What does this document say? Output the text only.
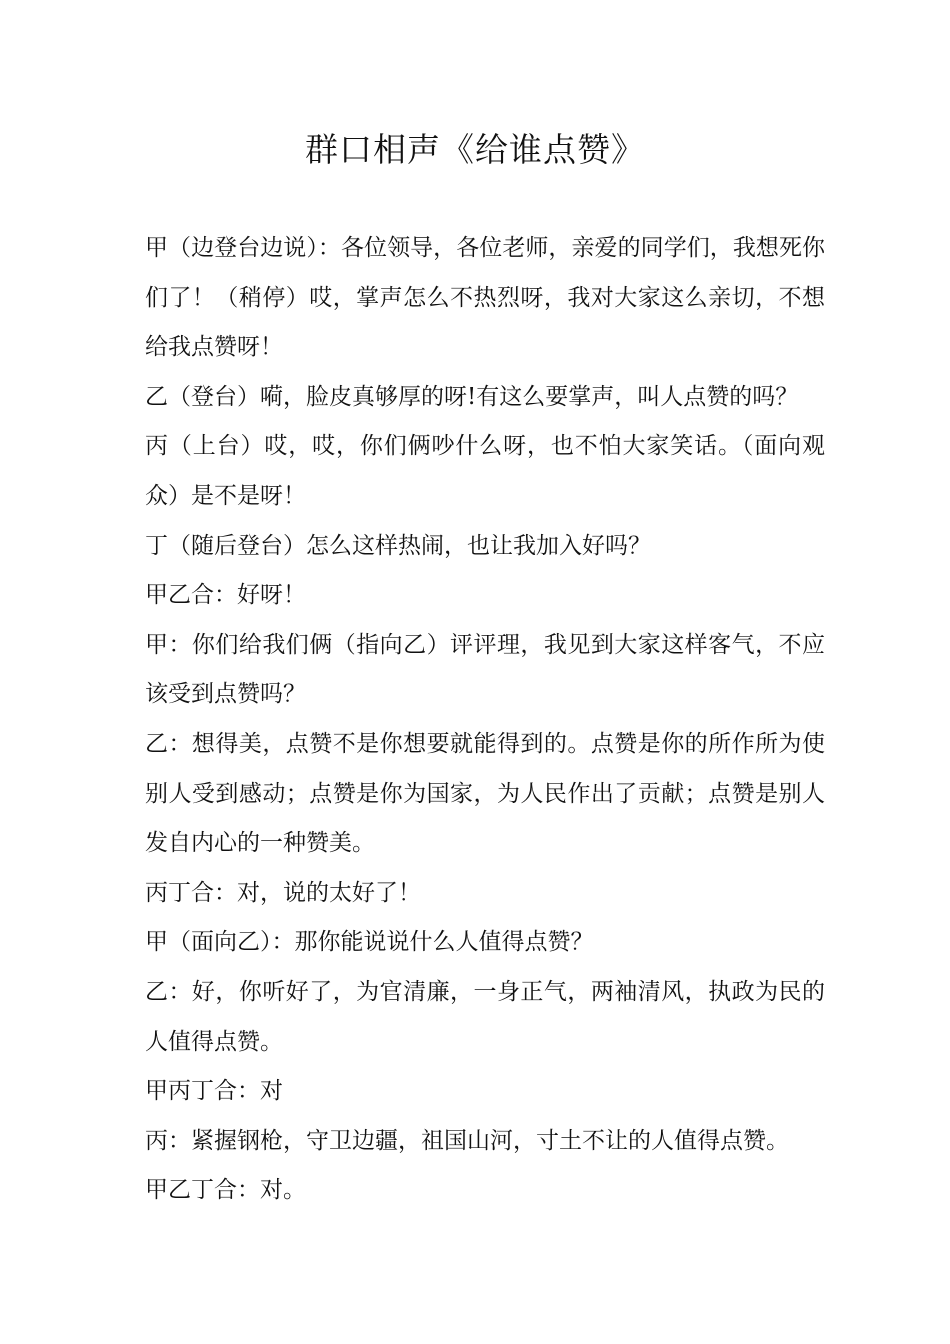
群口相声《给谁点赞》

甲（边登台边说）：各位领导，各位老师，亲爱的同学们，我想死你们了！（稍停）哎，掌声怎么不热烈呀，我对大家这么亲切，不想给我点赞呀！

乙（登台）嗬，脸皮真够厚的呀!有这么要掌声，叫人点赞的吗？

丙（上台）哎，哎，你们俩吵什么呀，也不怕大家笑话。（面向观众）是不是呀！

丁（随后登台）怎么这样热闹，也让我加入好吗？

甲乙合：好呀！

甲：你们给我们俩（指向乙）评评理，我见到大家这样客气，不应该受到点赞吗？

乙：想得美，点赞不是你想要就能得到的。点赞是你的所作所为使别人受到感动；点赞是你为国家，为人民作出了贡献；点赞是别人发自内心的一种赞美。

丙丁合：对，说的太好了！

甲（面向乙）：那你能说说什么人值得点赞？

乙：好，你听好了，为官清廉，一身正气，两袖清风，执政为民的人值得点赞。

甲丙丁合：对

丙：紧握钢枪，守卫边疆，祖国山河，寸土不让的人值得点赞。

甲乙丁合：对。
